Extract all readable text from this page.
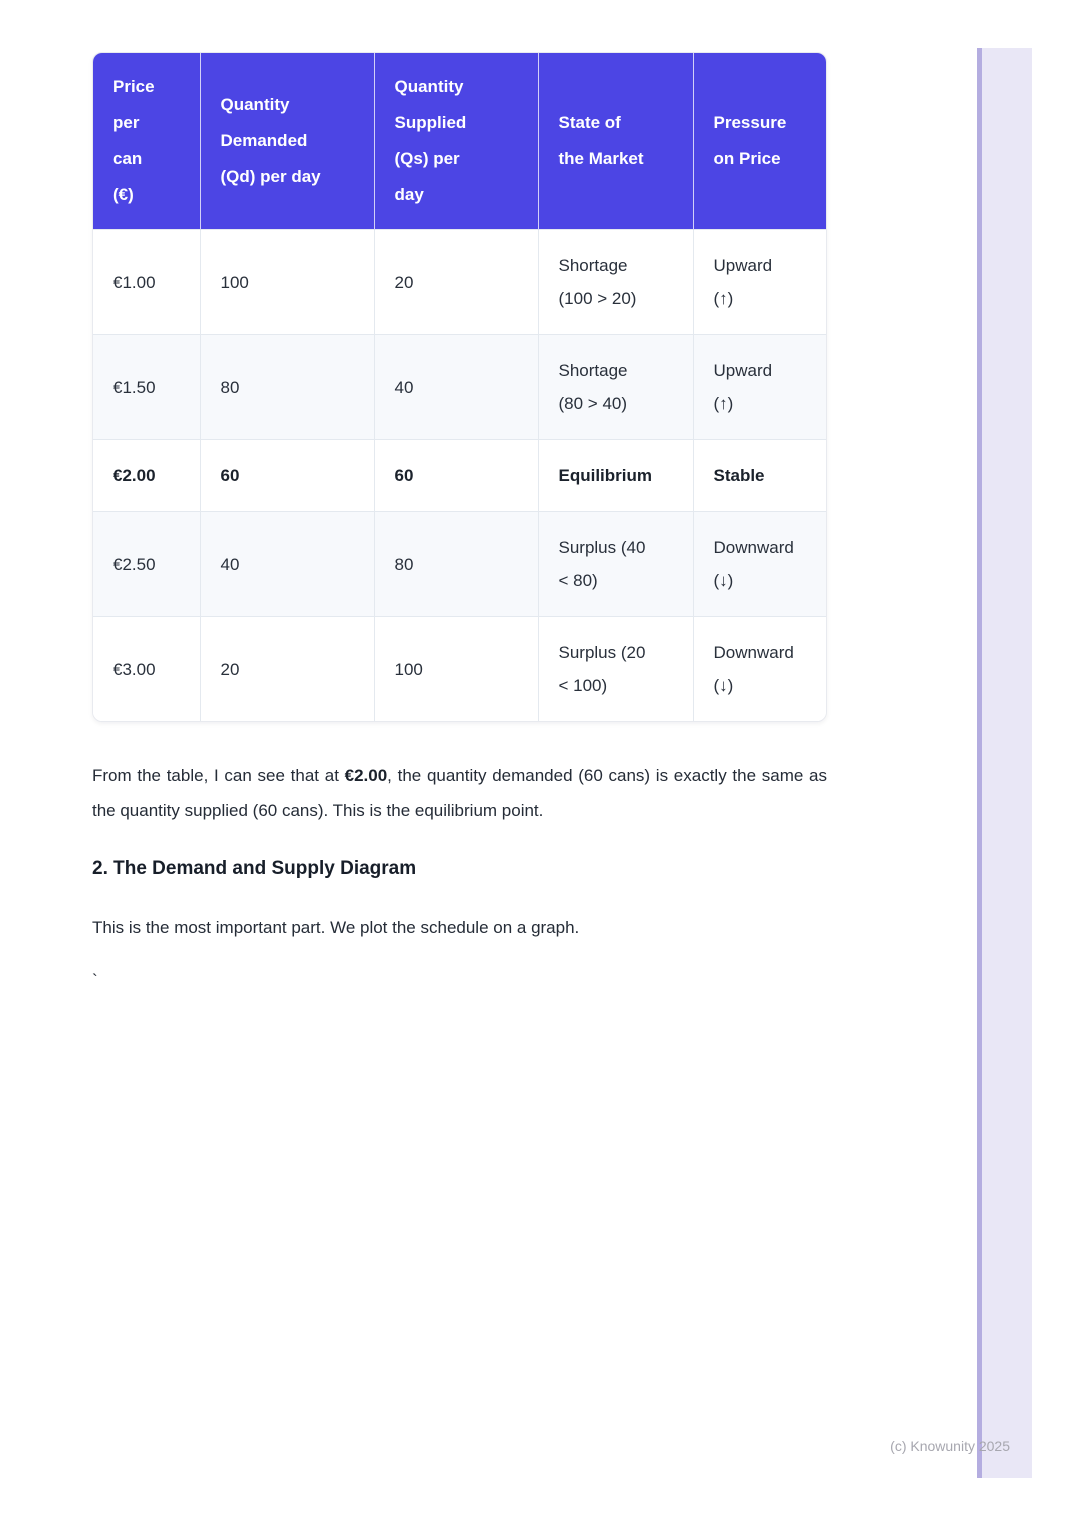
Price per can (€)	Quantity Demanded (Qd) per day	Quantity Supplied (Qs) per day	State of the Market	Pressure on Price
€1.00	100	20	Shortage (100 > 20)	Upward (↑)
€1.50	80	40	Shortage (80 > 40)	Upward (↑)
€2.00	60	60	Equilibrium	Stable
€2.50	40	80	Surplus (40 < 80)	Downward (↓)
€3.00	20	100	Surplus (20 < 100)	Downward (↓)

From the table, I can see that at €2.00, the quantity demanded (60 cans) is exactly the same as the quantity supplied (60 cans). This is the equilibrium point.

2. The Demand and Supply Diagram

This is the most important part. We plot the schedule on a graph.

`

(c) Knowunity 2025
